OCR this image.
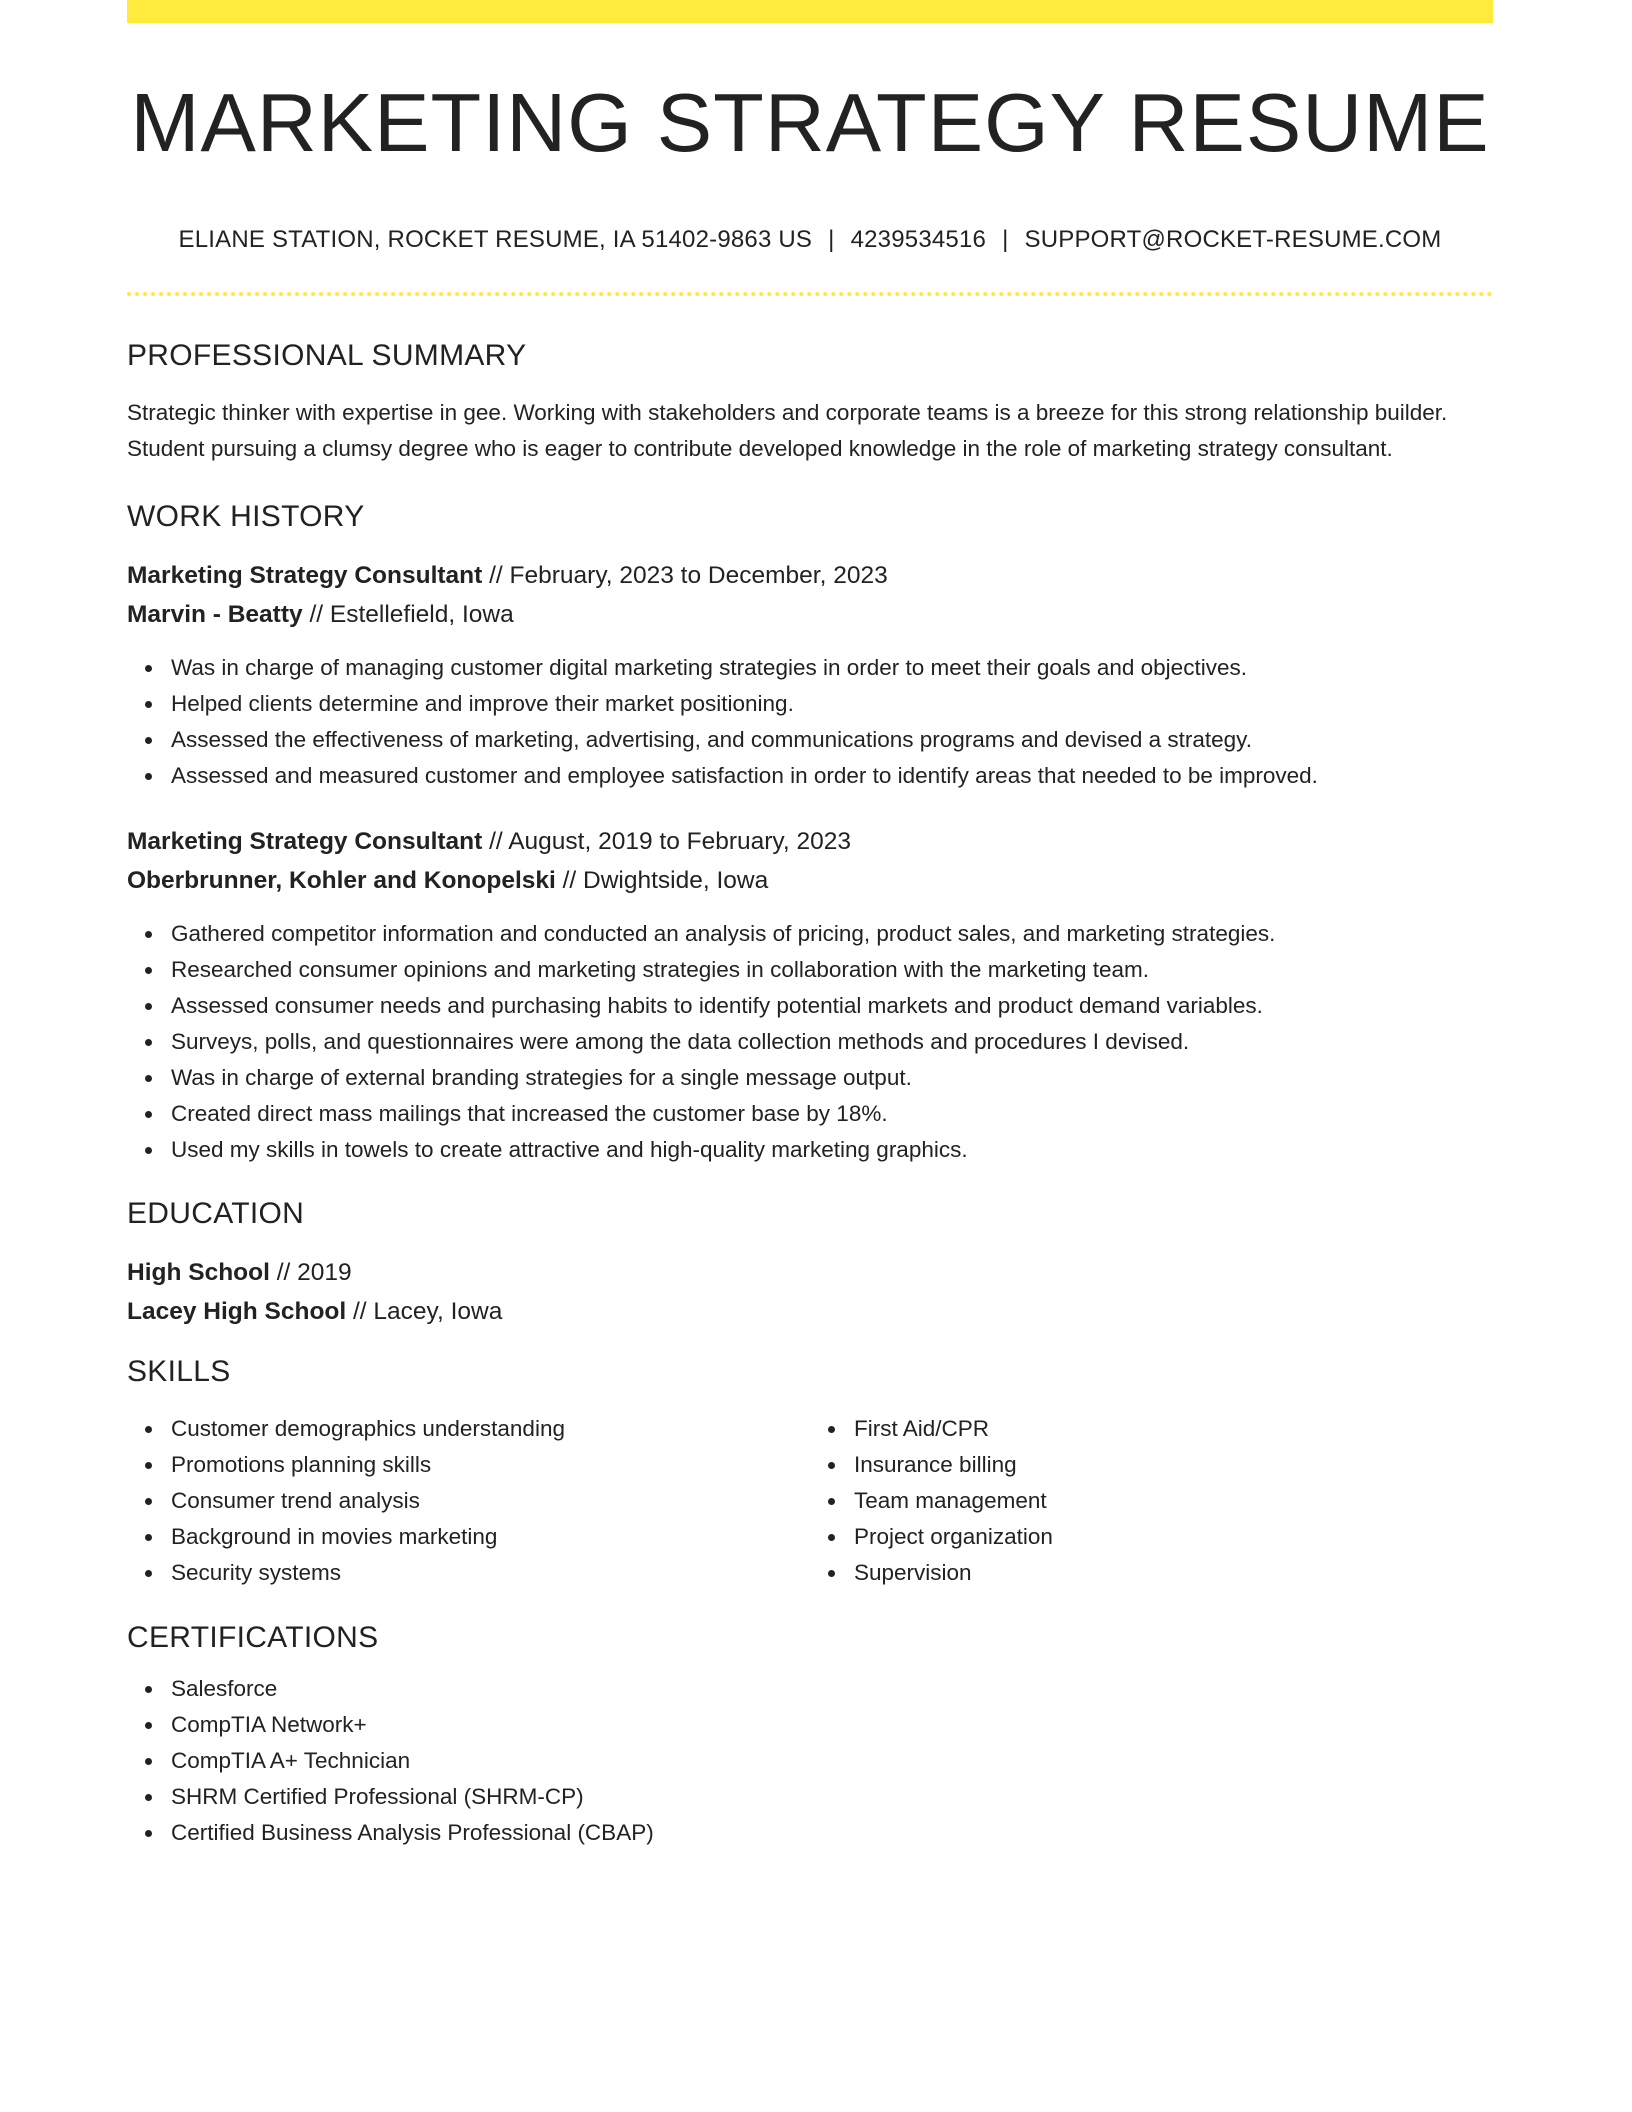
MARKETING STRATEGY RESUME
ELIANE STATION, ROCKET RESUME, IA 51402-9863 US | 4239534516 | SUPPORT@ROCKET-RESUME.COM
PROFESSIONAL SUMMARY
Strategic thinker with expertise in gee. Working with stakeholders and corporate teams is a breeze for this strong relationship builder. Student pursuing a clumsy degree who is eager to contribute developed knowledge in the role of marketing strategy consultant.
WORK HISTORY
Marketing Strategy Consultant // February, 2023 to December, 2023
Marvin - Beatty // Estellefield, Iowa
Was in charge of managing customer digital marketing strategies in order to meet their goals and objectives.
Helped clients determine and improve their market positioning.
Assessed the effectiveness of marketing, advertising, and communications programs and devised a strategy.
Assessed and measured customer and employee satisfaction in order to identify areas that needed to be improved.
Marketing Strategy Consultant // August, 2019 to February, 2023
Oberbrunner, Kohler and Konopelski // Dwightside, Iowa
Gathered competitor information and conducted an analysis of pricing, product sales, and marketing strategies.
Researched consumer opinions and marketing strategies in collaboration with the marketing team.
Assessed consumer needs and purchasing habits to identify potential markets and product demand variables.
Surveys, polls, and questionnaires were among the data collection methods and procedures I devised.
Was in charge of external branding strategies for a single message output.
Created direct mass mailings that increased the customer base by 18%.
Used my skills in towels to create attractive and high-quality marketing graphics.
EDUCATION
High School // 2019
Lacey High School // Lacey, Iowa
SKILLS
Customer demographics understanding
Promotions planning skills
Consumer trend analysis
Background in movies marketing
Security systems
First Aid/CPR
Insurance billing
Team management
Project organization
Supervision
CERTIFICATIONS
Salesforce
CompTIA Network+
CompTIA A+ Technician
SHRM Certified Professional (SHRM-CP)
Certified Business Analysis Professional (CBAP)
